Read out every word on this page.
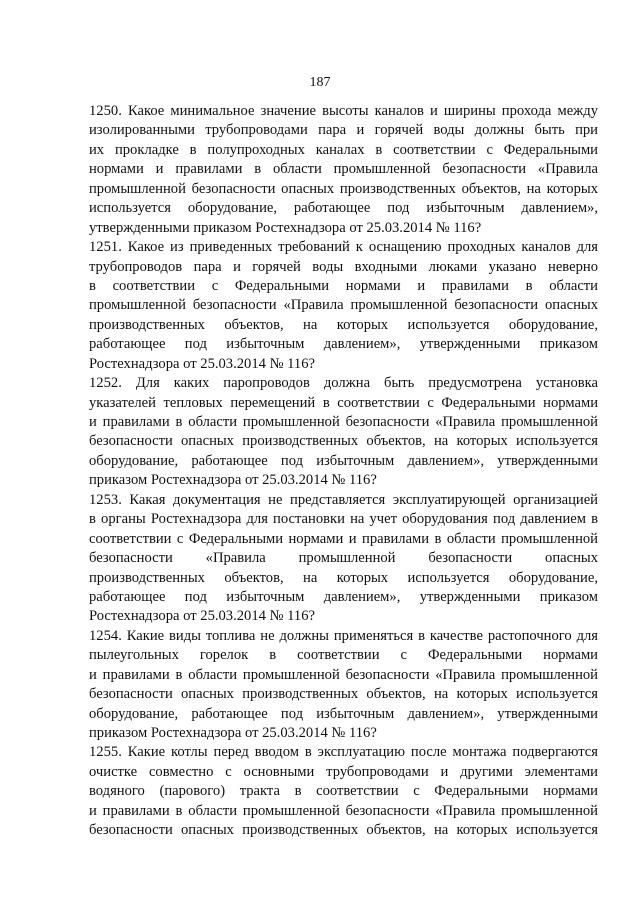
187
1250. Какое минимальное значение высоты каналов и ширины прохода между
изолированными трубопроводами пара и горячей воды должны быть при
их прокладке в полупроходных каналах в соответствии с Федеральными
нормами и правилами в области промышленной безопасности «Правила
промышленной безопасности опасных производственных объектов, на которых
используется оборудование, работающее под избыточным давлением»,
утвержденными приказом Ростехнадзора от 25.03.2014 № 116?
1251. Какое из приведенных требований к оснащению проходных каналов для
трубопроводов пара и горячей воды входными люками указано неверно
в соответствии с Федеральными нормами и правилами в области
промышленной безопасности «Правила промышленной безопасности опасных
производственных объектов, на которых используется оборудование,
работающее под избыточным давлением», утвержденными приказом
Ростехнадзора от 25.03.2014 № 116?
1252. Для каких паропроводов должна быть предусмотрена установка
указателей тепловых перемещений в соответствии с Федеральными нормами
и правилами в области промышленной безопасности «Правила промышленной
безопасности опасных производственных объектов, на которых используется
оборудование, работающее под избыточным давлением», утвержденными
приказом Ростехнадзора от 25.03.2014 № 116?
1253. Какая документация не представляется эксплуатирующей организацией
в органы Ростехнадзора для постановки на учет оборудования под давлением в
соответствии с Федеральными нормами и правилами в области промышленной
безопасности «Правила промышленной безопасности опасных
производственных объектов, на которых используется оборудование,
работающее под избыточным давлением», утвержденными приказом
Ростехнадзора от 25.03.2014 № 116?
1254. Какие виды топлива не должны применяться в качестве растопочного для
пылеугольных горелок в соответствии с Федеральными нормами
и правилами в области промышленной безопасности «Правила промышленной
безопасности опасных производственных объектов, на которых используется
оборудование, работающее под избыточным давлением», утвержденными
приказом Ростехнадзора от 25.03.2014 № 116?
1255. Какие котлы перед вводом в эксплуатацию после монтажа подвергаются
очистке совместно с основными трубопроводами и другими элементами
водяного (парового) тракта в соответствии с Федеральными нормами
и правилами в области промышленной безопасности «Правила промышленной
безопасности опасных производственных объектов, на которых используется
